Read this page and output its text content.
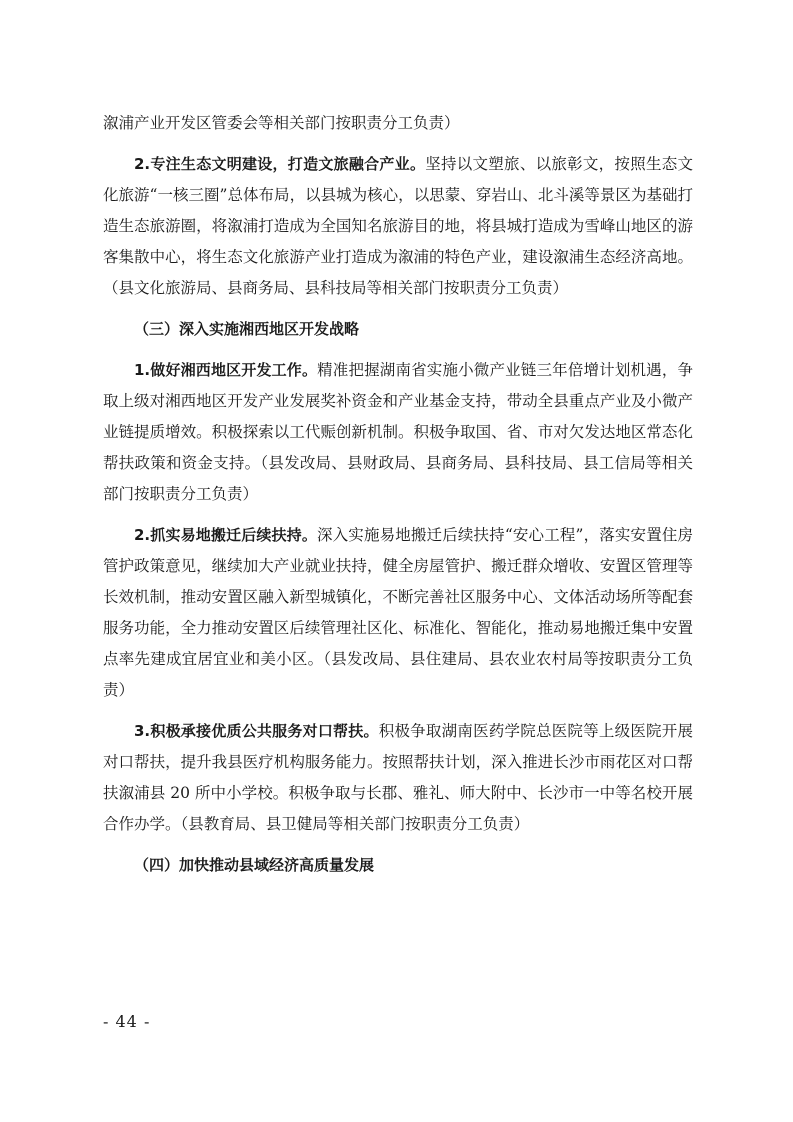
溆浦产业开发区管委会等相关部门按职责分工负责）

2.专注生态文明建设，打造文旅融合产业。坚持以文塑旅、以旅彰文，按照生态文化旅游“一核三圈”总体布局，以县城为核心，以思蒙、穿岩山、北斗溪等景区为基础打造生态旅游圈，将溆浦打造成为全国知名旅游目的地，将县城打造成为雪峰山地区的游客集散中心，将生态文化旅游产业打造成为溆浦的特色产业，建设溆浦生态经济高地。（县文化旅游局、县商务局、县科技局等相关部门按职责分工负责）

（三）深入实施湘西地区开发战略

1.做好湘西地区开发工作。精准把握湖南省实施小微产业链三年倍增计划机遇，争取上级对湘西地区开发产业发展奖补资金和产业基金支持，带动全县重点产业及小微产业链提质增效。积极探索以工代赈创新机制。积极争取国、省、市对欠发达地区常态化帮扶政策和资金支持。（县发改局、县财政局、县商务局、县科技局、县工信局等相关部门按职责分工负责）

2.抓实易地搬迁后续扶持。深入实施易地搬迁后续扶持“安心工程”，落实安置住房管护政策意见，继续加大产业就业扶持，健全房屋管护、搬迁群众增收、安置区管理等长效机制，推动安置区融入新型城镇化，不断完善社区服务中心、文体活动场所等配套服务功能，全力推动安置区后续管理社区化、标准化、智能化，推动易地搬迁集中安置点率先建成宜居宜业和美小区。（县发改局、县住建局、县农业农村局等按职责分工负责）

3.积极承接优质公共服务对口帮扶。积极争取湖南医药学院总医院等上级医院开展对口帮扶，提升我县医疗机构服务能力。按照帮扶计划，深入推进长沙市雨花区对口帮扶溆浦县 20 所中小学校。积极争取与长郡、雅礼、师大附中、长沙市一中等名校开展合作办学。（县教育局、县卫健局等相关部门按职责分工负责）

（四）加快推动县域经济高质量发展

- 44 -
